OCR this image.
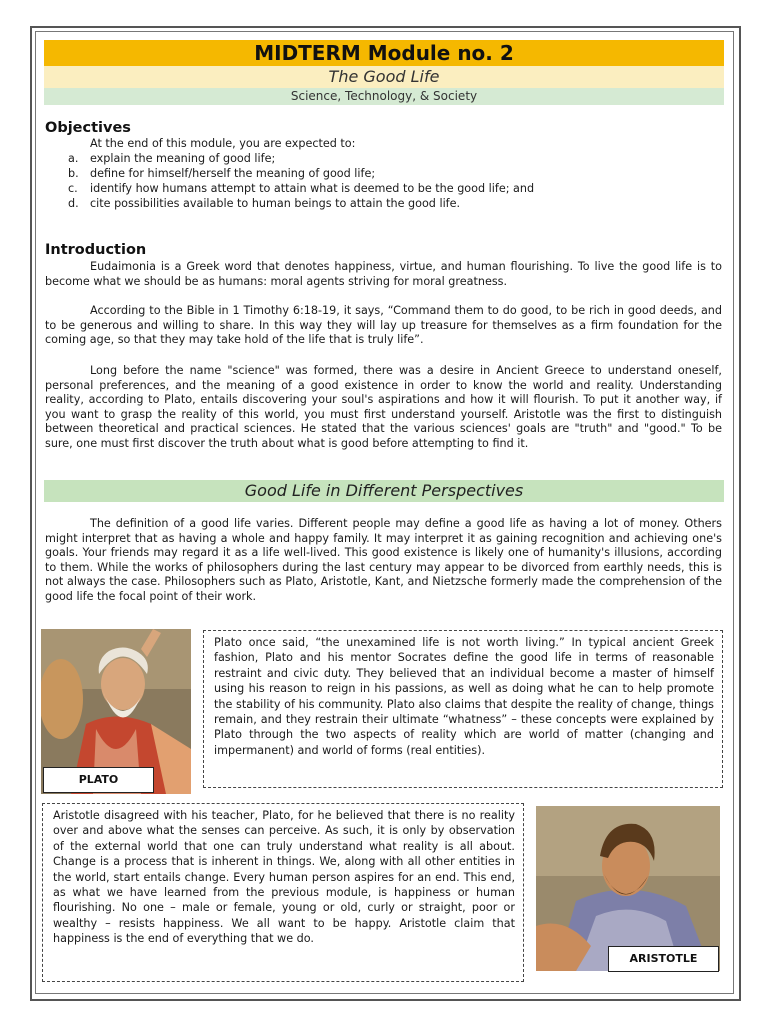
MIDTERM Module no. 2
The Good Life
Science, Technology, & Society
Objectives
At the end of this module, you are expected to:
a. explain the meaning of good life;
b. define for himself/herself the meaning of good life;
c. identify how humans attempt to attain what is deemed to be the good life; and
d. cite possibilities available to human beings to attain the good life.
Introduction
Eudaimonia is a Greek word that denotes happiness, virtue, and human flourishing. To live the good life is to become what we should be as humans: moral agents striving for moral greatness.
According to the Bible in 1 Timothy 6:18-19, it says, “Command them to do good, to be rich in good deeds, and to be generous and willing to share. In this way they will lay up treasure for themselves as a firm foundation for the coming age, so that they may take hold of the life that is truly life”.
Long before the name "science" was formed, there was a desire in Ancient Greece to understand oneself, personal preferences, and the meaning of a good existence in order to know the world and reality. Understanding reality, according to Plato, entails discovering your soul's aspirations and how it will flourish. To put it another way, if you want to grasp the reality of this world, you must first understand yourself. Aristotle was the first to distinguish between theoretical and practical sciences. He stated that the various sciences' goals are "truth" and "good." To be sure, one must first discover the truth about what is good before attempting to find it.
Good Life in Different Perspectives
The definition of a good life varies. Different people may define a good life as having a lot of money. Others might interpret that as having a whole and happy family. It may interpret it as gaining recognition and achieving one's goals. Your friends may regard it as a life well-lived. This good existence is likely one of humanity's illusions, according to them. While the works of philosophers during the last century may appear to be divorced from earthly needs, this is not always the case. Philosophers such as Plato, Aristotle, Kant, and Nietzsche formerly made the comprehension of the good life the focal point of their work.
PLATO
Plato once said, “the unexamined life is not worth living.” In typical ancient Greek fashion, Plato and his mentor Socrates define the good life in terms of reasonable restraint and civic duty. They believed that an individual become a master of himself using his reason to reign in his passions, as well as doing what he can to help promote the stability of his community. Plato also claims that despite the reality of change, things remain, and they restrain their ultimate “whatness” – these concepts were explained by Plato through the two aspects of reality which are world of matter (changing and impermanent) and world of forms (real entities).
Aristotle disagreed with his teacher, Plato, for he believed that there is no reality over and above what the senses can perceive. As such, it is only by observation of the external world that one can truly understand what reality is all about. Change is a process that is inherent in things. We, along with all other entities in the world, start entails change. Every human person aspires for an end. This end, as what we have learned from the previous module, is happiness or human flourishing. No one – male or female, young or old, curly or straight, poor or wealthy – resists happiness. We all want to be happy. Aristotle claim that happiness is the end of everything that we do.
ARISTOTLE
